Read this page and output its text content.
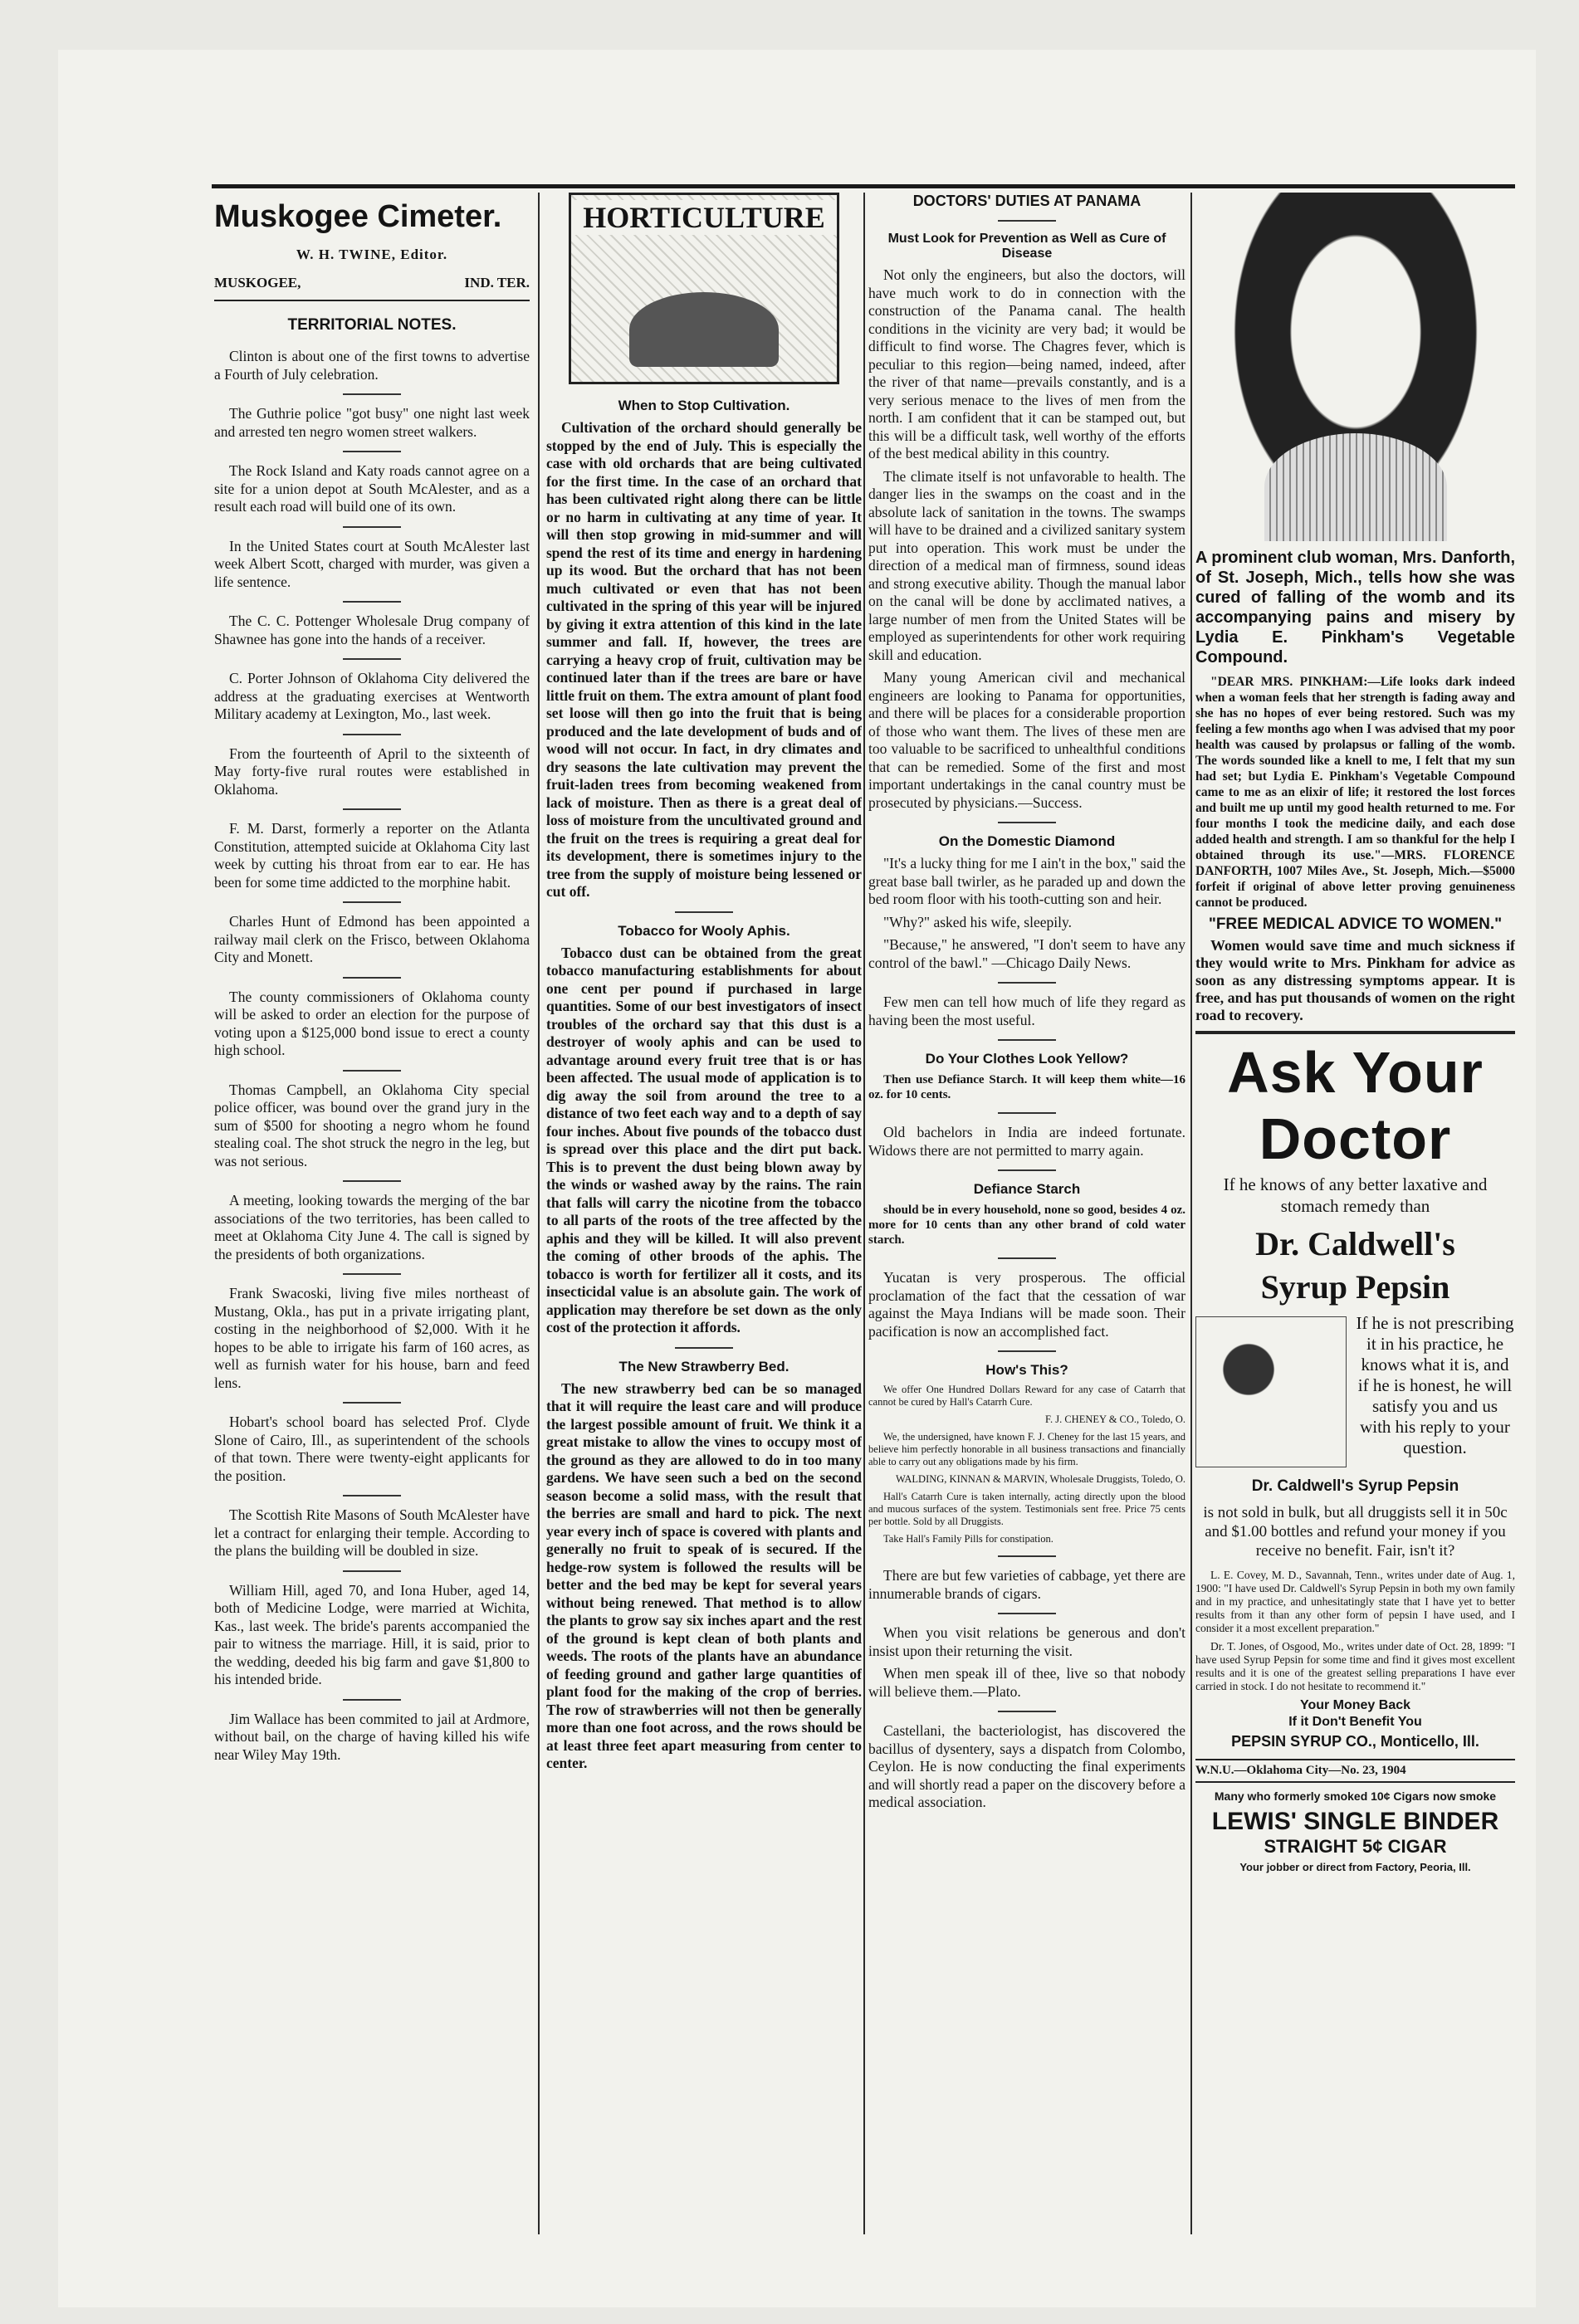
Muskogee Cimeter.
W. H. TWINE, Editor.
MUSKOGEE,	IND. TER.
TERRITORIAL NOTES.

Clinton is about one of the first towns to advertise a Fourth of July celebration.

The Guthrie police "got busy" one night last week and arrested ten negro women street walkers.

The Rock Island and Katy roads cannot agree on a site for a union depot at South McAlester, and as a result each road will build one of its own.

In the United States court at South McAlester last week Albert Scott, charged with murder, was given a life sentence.

The C. C. Pottenger Wholesale Drug company of Shawnee has gone into the hands of a receiver.

C. Porter Johnson of Oklahoma City delivered the address at the graduating exercises at Wentworth Military academy at Lexington, Mo., last week.

From the fourteenth of April to the sixteenth of May forty-five rural routes were established in Oklahoma.

F. M. Darst, formerly a reporter on the Atlanta Constitution, attempted suicide at Oklahoma City last week by cutting his throat from ear to ear. He has been for some time addicted to the morphine habit.

Charles Hunt of Edmond has been appointed a railway mail clerk on the Frisco, between Oklahoma City and Monett.

The county commissioners of Oklahoma county will be asked to order an election for the purpose of voting upon a $125,000 bond issue to erect a county high school.

Thomas Campbell, an Oklahoma City special police officer, was bound over the grand jury in the sum of $500 for shooting a negro whom he found stealing coal. The shot struck the negro in the leg, but was not serious.

A meeting, looking towards the merging of the bar associations of the two territories, has been called to meet at Oklahoma City June 4. The call is signed by the presidents of both organizations.

Frank Swacoski, living five miles northeast of Mustang, Okla., has put in a private irrigating plant, costing in the neighborhood of $2,000. With it he hopes to be able to irrigate his farm of 160 acres, as well as furnish water for his house, barn and feed lens.

Hobart's school board has selected Prof. Clyde Slone of Cairo, Ill., as superintendent of the schools of that town. There were twenty-eight applicants for the position.

The Scottish Rite Masons of South McAlester have let a contract for enlarging their temple. According to the plans the building will be doubled in size.

William Hill, aged 70, and Iona Huber, aged 14, both of Medicine Lodge, were married at Wichita, Kas., last week. The bride's parents accompanied the pair to witness the marriage. Hill, it is said, prior to the wedding, deeded his big farm and gave $1,800 to his intended bride.

Jim Wallace has been commited to jail at Ardmore, without bail, on the charge of having killed his wife near Wiley May 19th.

HORTICULTURE
When to Stop Cultivation.

Cultivation of the orchard should generally be stopped by the end of July. This is especially the case with old orchards that are being cultivated for the first time. In the case of an orchard that has been cultivated right along there can be little or no harm in cultivating at any time of year. It will then stop growing in mid-summer and will spend the rest of its time and energy in hardening up its wood. But the orchard that has not been much cultivated or even that has not been cultivated in the spring of this year will be injured by giving it extra attention of this kind in the late summer and fall. If, however, the trees are carrying a heavy crop of fruit, cultivation may be continued later than if the trees are bare or have little fruit on them. The extra amount of plant food set loose will then go into the fruit that is being produced and the late development of buds and of wood will not occur. In fact, in dry climates and dry seasons the late cultivation may prevent the fruit-laden trees from becoming weakened from lack of moisture. Then as there is a great deal of loss of moisture from the uncultivated ground and the fruit on the trees is requiring a great deal for its development, there is sometimes injury to the tree from the supply of moisture being lessened or cut off.

Tobacco for Wooly Aphis.

Tobacco dust can be obtained from the great tobacco manufacturing establishments for about one cent per pound if purchased in large quantities. Some of our best investigators of insect troubles of the orchard say that this dust is a destroyer of wooly aphis and can be used to advantage around every fruit tree that is or has been affected. The usual mode of application is to dig away the soil from around the tree to a distance of two feet each way and to a depth of say four inches. About five pounds of the tobacco dust is spread over this place and the dirt put back. This is to prevent the dust being blown away by the winds or washed away by the rains. The rain that falls will carry the nicotine from the tobacco to all parts of the roots of the tree affected by the aphis and they will be killed. It will also prevent the coming of other broods of the aphis. The tobacco is worth for fertilizer all it costs, and its insecticidal value is an absolute gain. The work of application may therefore be set down as the only cost of the protection it affords.

The New Strawberry Bed.

The new strawberry bed can be so managed that it will require the least care and will produce the largest possible amount of fruit. We think it a great mistake to allow the vines to occupy most of the ground as they are allowed to do in too many gardens. We have seen such a bed on the second season become a solid mass, with the result that the berries are small and hard to pick. The next year every inch of space is covered with plants and generally no fruit to speak of is secured. If the hedge-row system is followed the results will be better and the bed may be kept for several years without being renewed. That method is to allow the plants to grow say six inches apart and the rest of the ground is kept clean of both plants and weeds. The roots of the plants have an abundance of feeding ground and gather large quantities of plant food for the making of the crop of berries. The row of strawberries will not then be generally more than one foot across, and the rows should be at least three feet apart measuring from center to center.

DOCTORS' DUTIES AT PANAMA
Must Look for Prevention as Well as Cure of Disease

Not only the engineers, but also the doctors, will have much work to do in connection with the construction of the Panama canal. The health conditions in the vicinity are very bad; it would be difficult to find worse. The Chagres fever, which is peculiar to this region—being named, indeed, after the river of that name—prevails constantly, and is a very serious menace to the lives of men from the north. I am confident that it can be stamped out, but this will be a difficult task, well worthy of the efforts of the best medical ability in this country.

The climate itself is not unfavorable to health. The danger lies in the swamps on the coast and in the absolute lack of sanitation in the towns. The swamps will have to be drained and a civilized sanitary system put into operation. This work must be under the direction of a medical man of firmness, sound ideas and strong executive ability. Though the manual labor on the canal will be done by acclimated natives, a large number of men from the United States will be employed as superintendents for other work requiring skill and education.

Many young American civil and mechanical engineers are looking to Panama for opportunities, and there will be places for a considerable proportion of those who want them. The lives of these men are too valuable to be sacrificed to unhealthful conditions that can be remedied. Some of the first and most important undertakings in the canal country must be prosecuted by physicians.—Success.

On the Domestic Diamond

"It's a lucky thing for me I ain't in the box," said the great base ball twirler, as he paraded up and down the bed room floor with his tooth-cutting son and heir.

"Why?" asked his wife, sleepily.

"Because," he answered, "I don't seem to have any control of the bawl." —Chicago Daily News.

Few men can tell how much of life they regard as having been the most useful.

Do Your Clothes Look Yellow?

Then use Defiance Starch. It will keep them white—16 oz. for 10 cents.

Old bachelors in India are indeed fortunate. Widows there are not permitted to marry again.

Defiance Starch

should be in every household, none so good, besides 4 oz. more for 10 cents than any other brand of cold water starch.

Yucatan is very prosperous. The official proclamation of the fact that the cessation of war against the Maya Indians will be made soon. Their pacification is now an accomplished fact.

How's This?

We offer One Hundred Dollars Reward for any case of Catarrh that cannot be cured by Hall's Catarrh Cure.

F. J. CHENEY & CO., Toledo, O.

We, the undersigned, have known F. J. Cheney for the last 15 years, and believe him perfectly honorable in all business transactions and financially able to carry out any obligations made by his firm.

WALDING, KINNAN & MARVIN, Wholesale Druggists, Toledo, O.

Hall's Catarrh Cure is taken internally, acting directly upon the blood and mucous surfaces of the system. Testimonials sent free. Price 75 cents per bottle. Sold by all Druggists.

Take Hall's Family Pills for constipation.

There are but few varieties of cabbage, yet there are innumerable brands of cigars.

When you visit relations be generous and don't insist upon their returning the visit.

When men speak ill of thee, live so that nobody will believe them.—Plato.

Castellani, the bacteriologist, has discovered the bacillus of dysentery, says a dispatch from Colombo, Ceylon. He is now conducting the final experiments and will shortly read a paper on the discovery before a medical association.

A prominent club woman, Mrs. Danforth, of St. Joseph, Mich., tells how she was cured of falling of the womb and its accompanying pains and misery by Lydia E. Pinkham's Vegetable Compound.

"DEAR MRS. PINKHAM:—Life looks dark indeed when a woman feels that her strength is fading away and she has no hopes of ever being restored. Such was my feeling a few months ago when I was advised that my poor health was caused by prolapsus or falling of the womb. The words sounded like a knell to me, I felt that my sun had set; but Lydia E. Pinkham's Vegetable Compound came to me as an elixir of life; it restored the lost forces and built me up until my good health returned to me. For four months I took the medicine daily, and each dose added health and strength. I am so thankful for the help I obtained through its use."—MRS. FLORENCE DANFORTH, 1007 Miles Ave., St. Joseph, Mich.—$5000 forfeit if original of above letter proving genuineness cannot be produced.

"FREE MEDICAL ADVICE TO WOMEN."

Women would save time and much sickness if they would write to Mrs. Pinkham for advice as soon as any distressing symptoms appear. It is free, and has put thousands of women on the right road to recovery.

Ask Your
Doctor
If he knows of any better laxative and stomach remedy than
Dr. Caldwell's
Syrup Pepsin
If he is not prescribing it in his practice, he knows what it is, and if he is honest, he will satisfy you and us with his reply to your question.
Dr. Caldwell's Syrup Pepsin
is not sold in bulk, but all druggists sell it in 50c and $1.00 bottles and refund your money if you receive no benefit. Fair, isn't it?

L. E. Covey, M. D., Savannah, Tenn., writes under date of Aug. 1, 1900: "I have used Dr. Caldwell's Syrup Pepsin in both my own family and in my practice, and unhesitatingly state that I have yet to better results from it than any other form of pepsin I have used, and I consider it a most excellent preparation."

Dr. T. Jones, of Osgood, Mo., writes under date of Oct. 28, 1899: "I have used Syrup Pepsin for some time and find it gives most excellent results and it is one of the greatest selling preparations I have ever carried in stock. I do not hesitate to recommend it."

Your Money Back
If it Don't Benefit You
PEPSIN SYRUP CO., Monticello, Ill.
W.N.U.—Oklahoma City—No. 23, 1904
Many who formerly smoked 10¢ Cigars now smoke
LEWIS' SINGLE BINDER
STRAIGHT 5¢ CIGAR
Your jobber or direct from Factory, Peoria, Ill.
